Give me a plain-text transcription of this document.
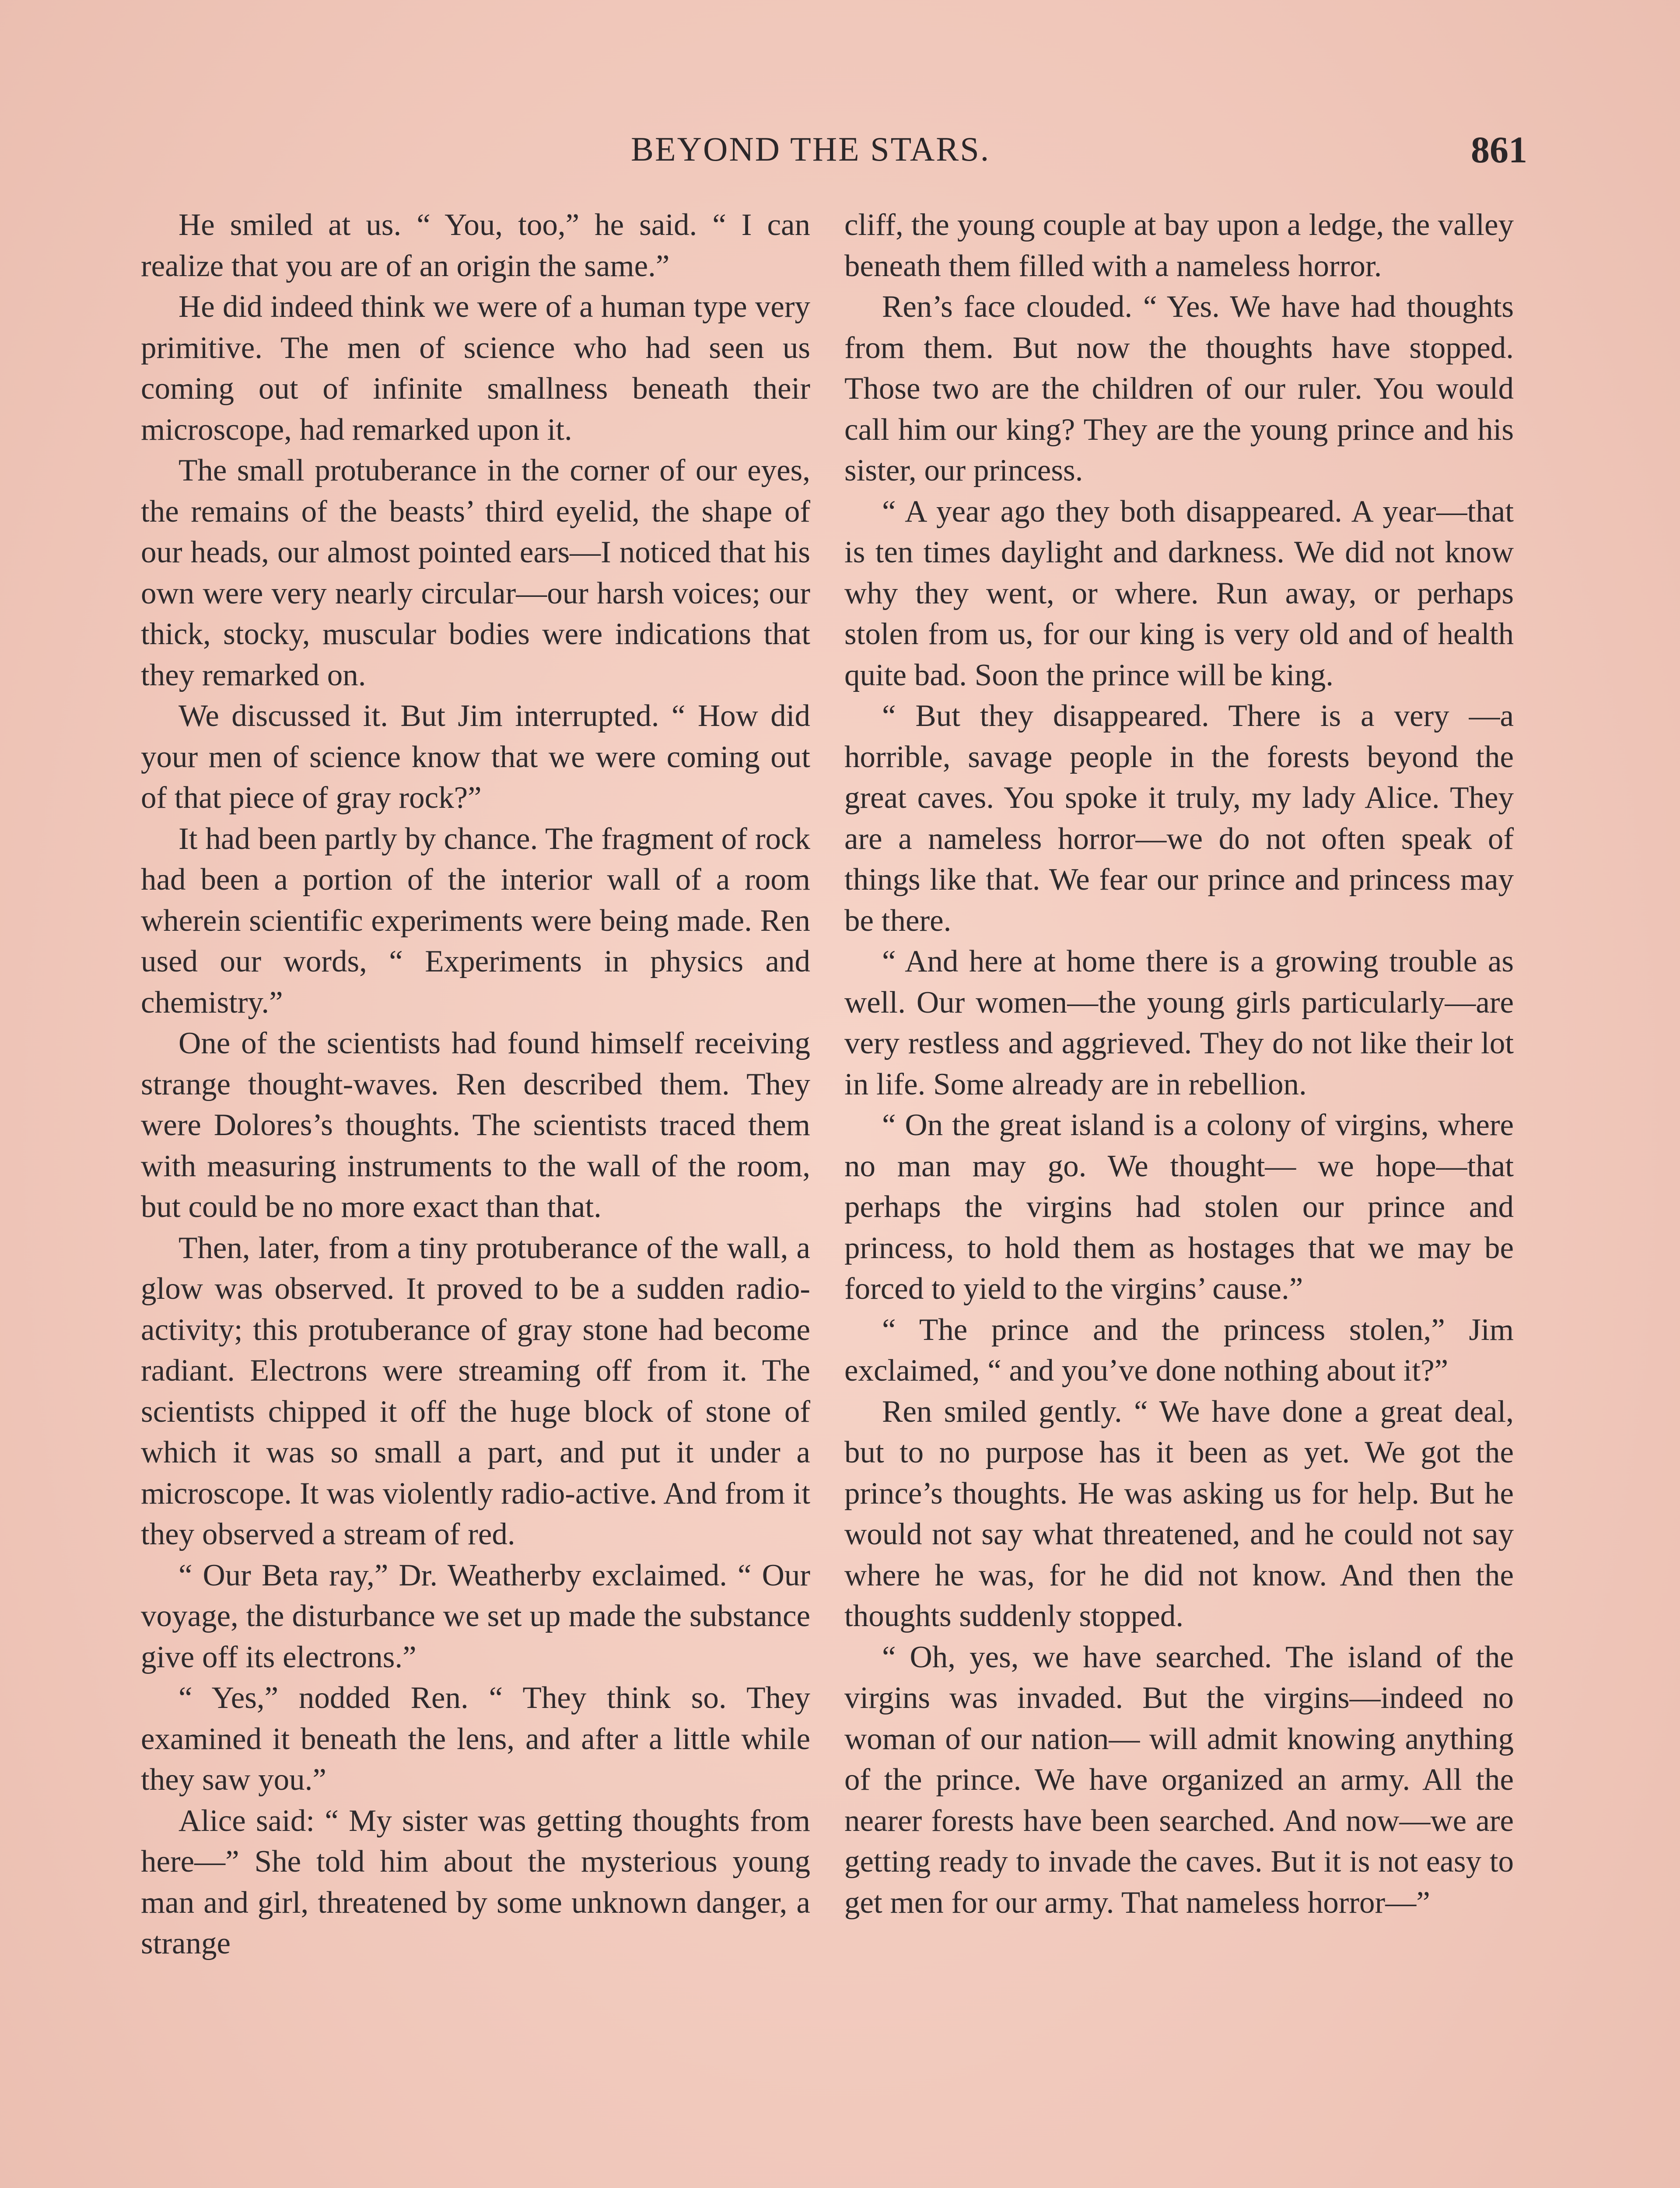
BEYOND THE STARS.	861

He smiled at us. “ You, too,” he said. “ I can realize that you are of an origin the same.”

He did indeed think we were of a human type very primitive. The men of science who had seen us coming out of infinite smallness beneath their microscope, had remarked upon it.

The small protuberance in the corner of our eyes, the remains of the beasts’ third eyelid, the shape of our heads, our almost pointed ears—I noticed that his own were very nearly circular—our harsh voices; our thick, stocky, muscular bodies were indications that they remarked on.

We discussed it. But Jim interrupted. “ How did your men of science know that we were coming out of that piece of gray rock?”

It had been partly by chance. The fragment of rock had been a portion of the interior wall of a room wherein scientific experiments were being made. Ren used our words, “ Experiments in physics and chemistry.”

One of the scientists had found himself receiving strange thought-waves. Ren described them. They were Dolores’s thoughts. The scientists traced them with measuring instruments to the wall of the room, but could be no more exact than that.

Then, later, from a tiny protuberance of the wall, a glow was observed. It proved to be a sudden radio-activity; this protuberance of gray stone had become radiant. Electrons were streaming off from it. The scientists chipped it off the huge block of stone of which it was so small a part, and put it under a microscope. It was violently radio-active. And from it they observed a stream of red.

“ Our Beta ray,” Dr. Weatherby exclaimed. “ Our voyage, the disturbance we set up made the substance give off its electrons.”

“ Yes,” nodded Ren. “ They think so. They examined it beneath the lens, and after a little while they saw you.”

Alice said: “ My sister was getting thoughts from here—” She told him about the mysterious young man and girl, threatened by some unknown danger, a strange

cliff, the young couple at bay upon a ledge, the valley beneath them filled with a nameless horror.

Ren’s face clouded. “ Yes. We have had thoughts from them. But now the thoughts have stopped. Those two are the children of our ruler. You would call him our king? They are the young prince and his sister, our princess.

“ A year ago they both disappeared. A year—that is ten times daylight and darkness. We did not know why they went, or where. Run away, or perhaps stolen from us, for our king is very old and of health quite bad. Soon the prince will be king.

“ But they disappeared. There is a very —a horrible, savage people in the forests beyond the great caves. You spoke it truly, my lady Alice. They are a nameless horror—we do not often speak of things like that. We fear our prince and princess may be there.

“ And here at home there is a growing trouble as well. Our women—the young girls particularly—are very restless and aggrieved. They do not like their lot in life. Some already are in rebellion.

“ On the great island is a colony of virgins, where no man may go. We thought— we hope—that perhaps the virgins had stolen our prince and princess, to hold them as hostages that we may be forced to yield to the virgins’ cause.”

“ The prince and the princess stolen,” Jim exclaimed, “ and you’ve done nothing about it?”

Ren smiled gently. “ We have done a great deal, but to no purpose has it been as yet. We got the prince’s thoughts. He was asking us for help. But he would not say what threatened, and he could not say where he was, for he did not know. And then the thoughts suddenly stopped.

“ Oh, yes, we have searched. The island of the virgins was invaded. But the virgins—indeed no woman of our nation— will admit knowing anything of the prince. We have organized an army. All the nearer forests have been searched. And now—we are getting ready to invade the caves. But it is not easy to get men for our army. That nameless horror—”
